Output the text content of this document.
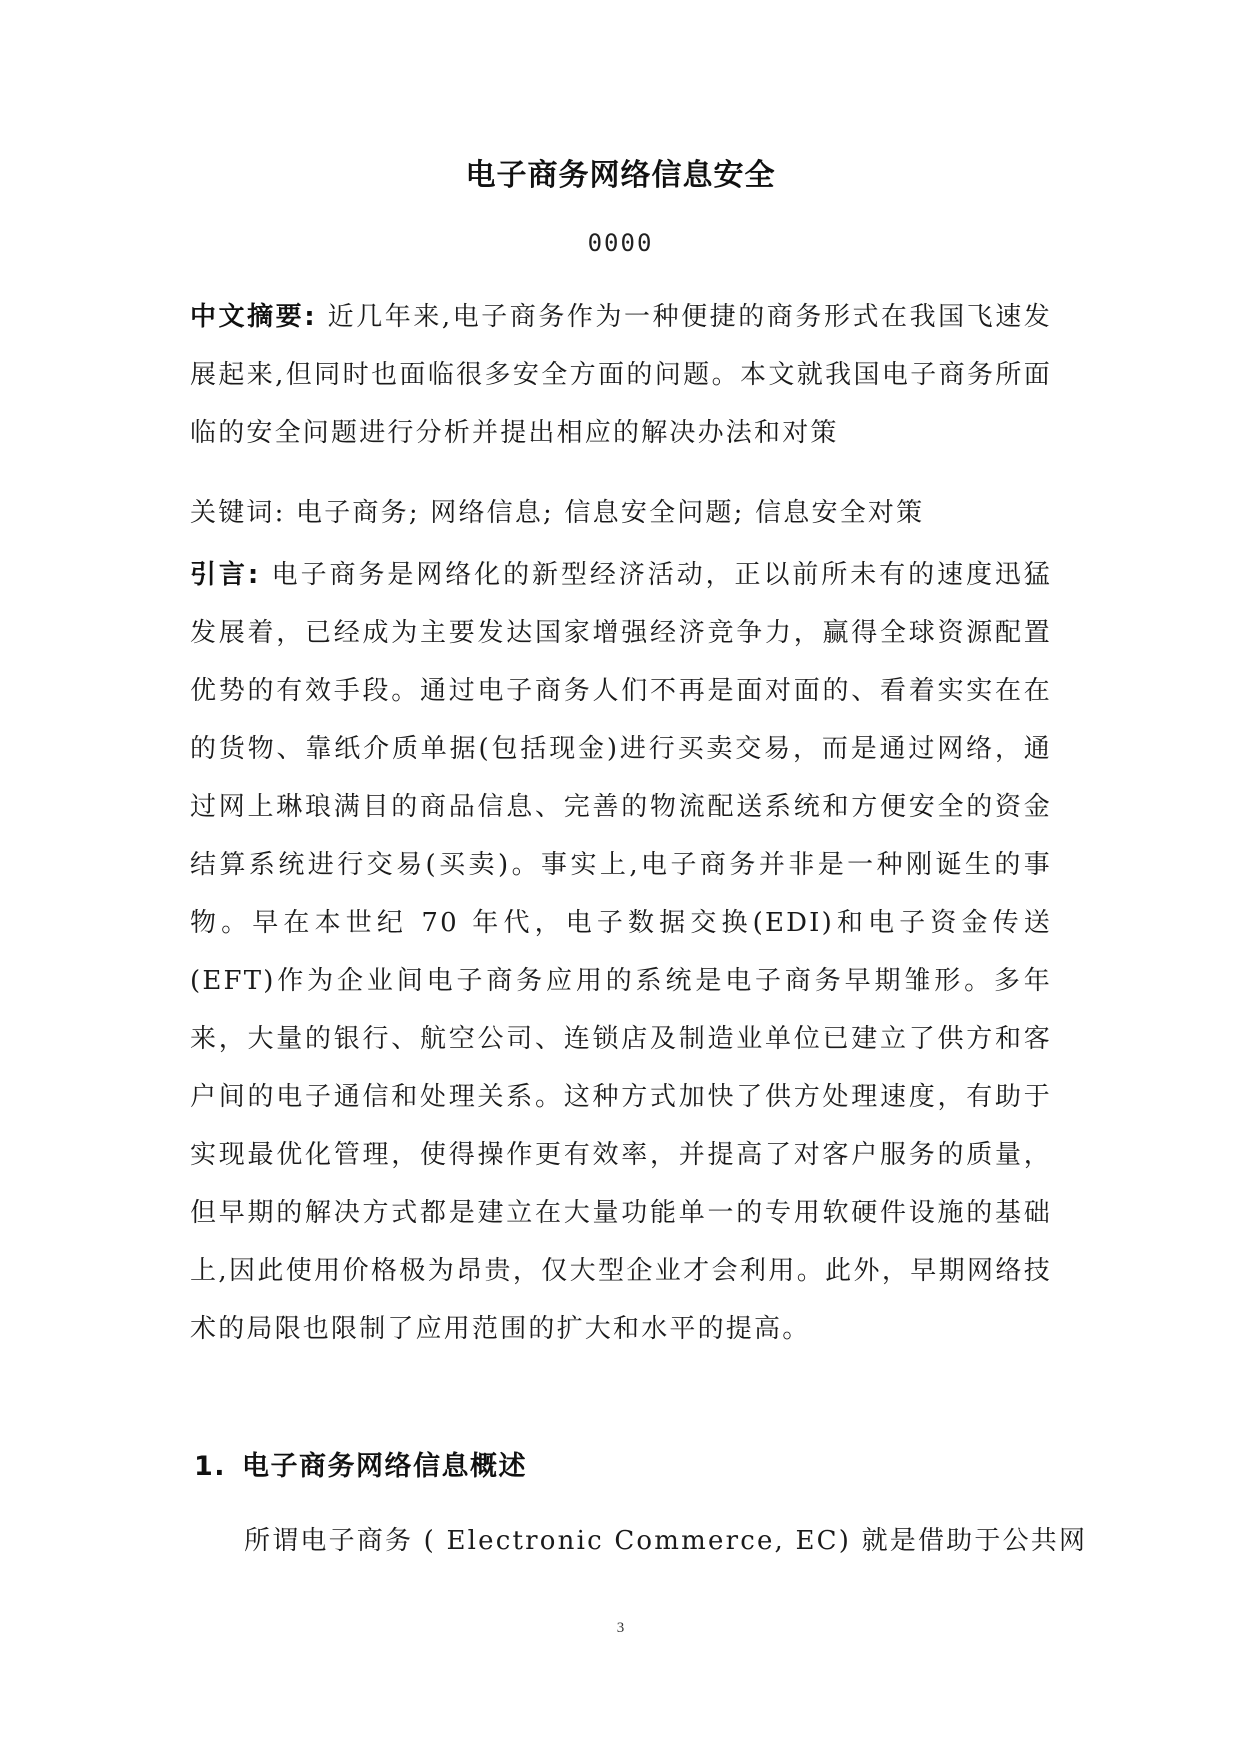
电子商务网络信息安全
0000
中文摘要: 近几年来,电子商务作为一种便捷的商务形式在我国飞速发展起来,但同时也面临很多安全方面的问题。本文就我国电子商务所面临的安全问题进行分析并提出相应的解决办法和对策
关键词: 电子商务; 网络信息; 信息安全问题; 信息安全对策
引言: 电子商务是网络化的新型经济活动，正以前所未有的速度迅猛发展着，已经成为主要发达国家增强经济竞争力，赢得全球资源配置优势的有效手段。通过电子商务人们不再是面对面的、看着实实在在的货物、靠纸介质单据(包括现金)进行买卖交易，而是通过网络，通过网上琳琅满目的商品信息、完善的物流配送系统和方便安全的资金结算系统进行交易(买卖)。事实上,电子商务并非是一种刚诞生的事物。早在本世纪 70 年代，电子数据交换(EDI)和电子资金传送(EFT)作为企业间电子商务应用的系统是电子商务早期雏形。多年来，大量的银行、航空公司、连锁店及制造业单位已建立了供方和客户间的电子通信和处理关系。这种方式加快了供方处理速度，有助于实现最优化管理，使得操作更有效率，并提高了对客户服务的质量，但早期的解决方式都是建立在大量功能单一的专用软硬件设施的基础上,因此使用价格极为昂贵，仅大型企业才会利用。此外，早期网络技术的局限也限制了应用范围的扩大和水平的提高。
1. 电子商务网络信息概述
所谓电子商务 ( Electronic Commerce, EC) 就是借助于公共网
3
